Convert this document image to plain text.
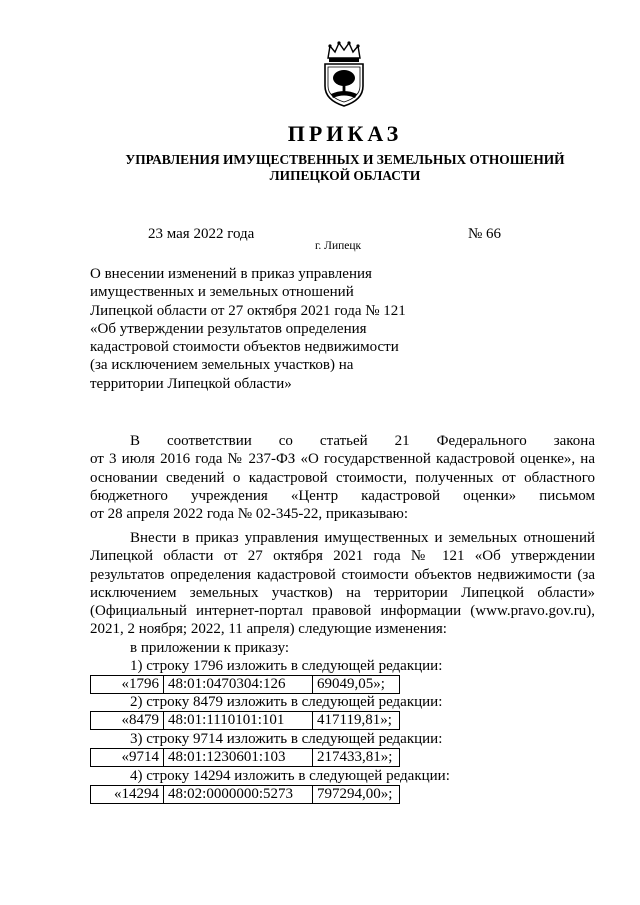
ПРИКАЗ
УПРАВЛЕНИЯ ИМУЩЕСТВЕННЫХ И ЗЕМЕЛЬНЫХ ОТНОШЕНИЙ
ЛИПЕЦКОЙ ОБЛАСТИ
23 мая 2022 года
г. Липецк
№ 66
О внесении изменений в приказ управления
имущественных и земельных отношений
Липецкой области от 27 октября 2021 года № 121
«Об утверждении результатов определения
кадастровой стоимости объектов недвижимости
(за исключением земельных участков) на
территории Липецкой области»
В соответствии со статьей 21 Федерального закона
от 3 июля 2016 года № 237-ФЗ «О государственной кадастровой оценке», на
основании сведений о кадастровой стоимости, полученных от областного
бюджетного учреждения «Центр кадастровой оценки» письмом
от 28 апреля 2022 года № 02-345-22, приказываю:
Внести в приказ управления имущественных и земельных отношений
Липецкой области от 27 октября 2021 года № 121 «Об утверждении
результатов определения кадастровой стоимости объектов недвижимости (за
исключением земельных участков) на территории Липецкой области»
(Официальный интернет-портал правовой информации (www.pravo.gov.ru),
2021, 2 ноября; 2022, 11 апреля) следующие изменения:
в приложении к приказу:
1) строку 1796 изложить в следующей редакции:
«1796	48:01:0470304:126	69049,05»;
2) строку 8479 изложить в следующей редакции:
«8479	48:01:1110101:101	417119,81»;
3) строку 9714 изложить в следующей редакции:
«9714	48:01:1230601:103	217433,81»;
4) строку 14294 изложить в следующей редакции:
«14294	48:02:0000000:5273	797294,00»;
